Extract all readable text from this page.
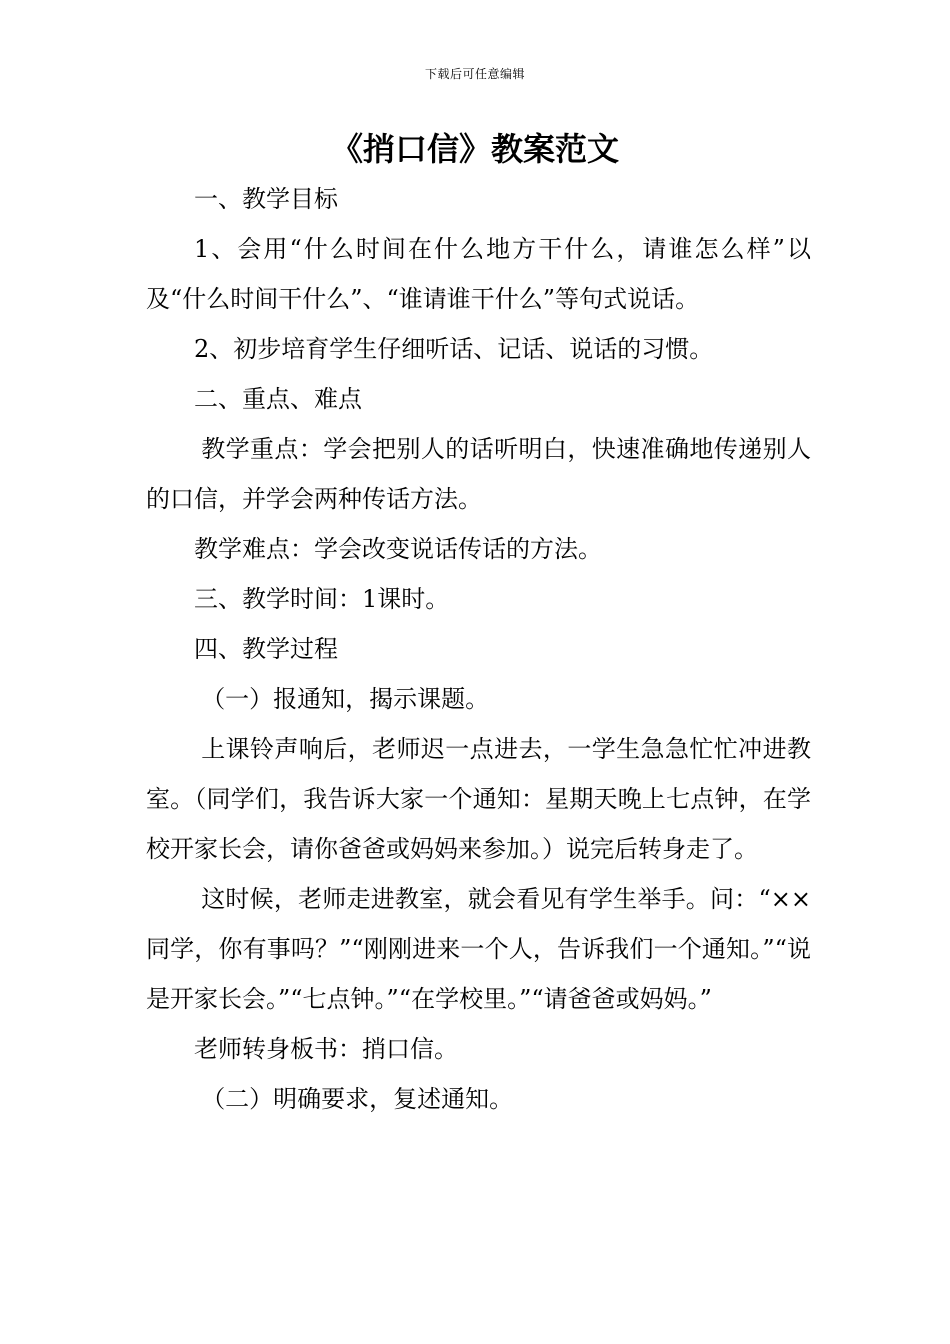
下载后可任意编辑
《捎口信》教案范文

一、教学目标

1、会用“什么时间在什么地方干什么，请谁怎么样”以及“什么时间干什么”、“谁请谁干什么”等句式说话。

2、初步培育学生仔细听话、记话、说话的习惯。

二、重点、难点

教学重点：学会把别人的话听明白，快速准确地传递别人的口信，并学会两种传话方法。

教学难点：学会改变说话传话的方法。

三、教学时间：1课时。

四、教学过程

（一）报通知，揭示课题。

上课铃声响后，老师迟一点进去，一学生急急忙忙冲进教室。（同学们，我告诉大家一个通知：星期天晚上七点钟，在学校开家长会，请你爸爸或妈妈来参加。）说完后转身走了。

这时候，老师走进教室，就会看见有学生举手。问：“××同学，你有事吗？”“刚刚进来一个人，告诉我们一个通知。”“说是开家长会。”“七点钟。”“在学校里。”“请爸爸或妈妈。”

老师转身板书：捎口信。

（二）明确要求，复述通知。
